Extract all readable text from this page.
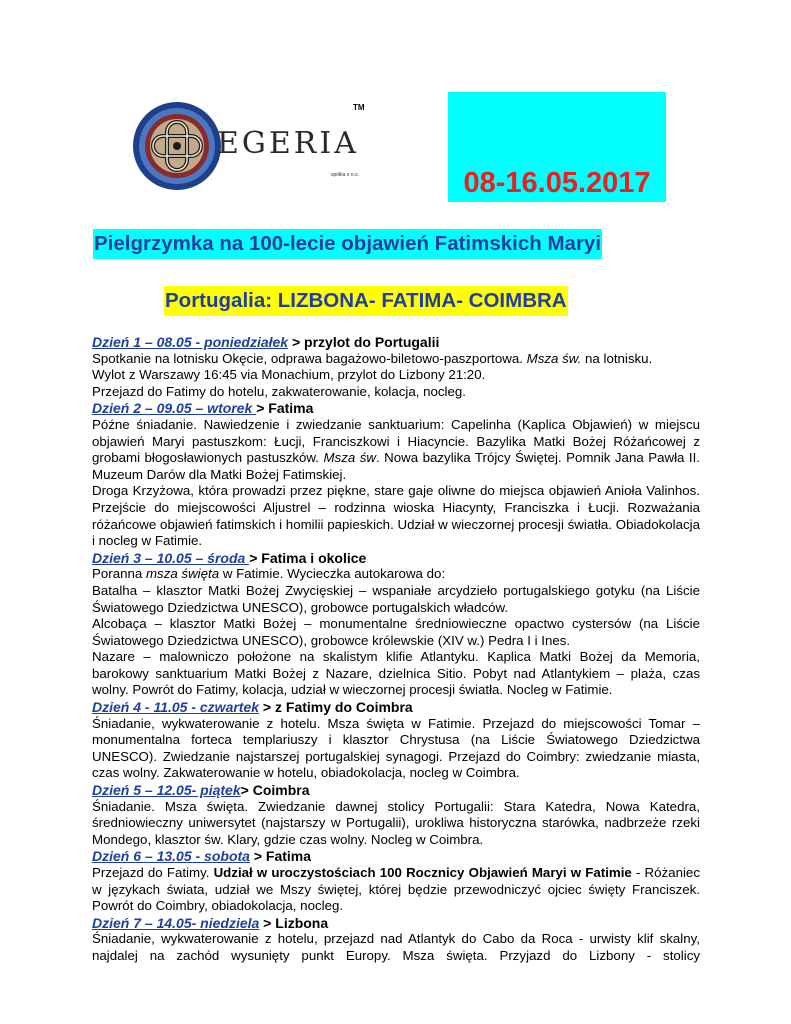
EGERIA
spółka z o.o.
TM
08-16.05.2017
Pielgrzymka na 100-lecie objawień Fatimskich Maryi
Portugalia: LIZBONA- FATIMA- COIMBRA
Dzień 1 – 08.05 - poniedziałek > przylot do Portugalii

Spotkanie na lotnisku Okęcie, odprawa bagażowo-biletowo-paszportowa. Msza św. na lotnisku.

Wylot z Warszawy 16:45 via Monachium, przylot do Lizbony 21:20.

Przejazd do Fatimy do hotelu, zakwaterowanie, kolacja, nocleg.

Dzień 2 – 09.05 – wtorek > Fatima

Późne śniadanie. Nawiedzenie i zwiedzanie sanktuarium: Capelinha (Kaplica Objawień) w miejscu objawień Maryi pastuszkom: Łucji, Franciszkowi i Hiacyncie. Bazylika Matki Bożej Różańcowej z grobami błogosławionych pastuszków. Msza św. Nowa bazylika Trójcy Świętej. Pomnik Jana Pawła II. Muzeum Darów dla Matki Bożej Fatimskiej.

Droga Krzyżowa, która prowadzi przez piękne, stare gaje oliwne do miejsca objawień Anioła Valinhos. Przejście do miejscowości Aljustrel – rodzinna wioska Hiacynty, Franciszka i Łucji. Rozważania różańcowe objawień fatimskich i homilii papieskich. Udział w wieczornej procesji światła. Obiadokolacja i nocleg w Fatimie.

Dzień 3 – 10.05 – środa > Fatima i okolice

Poranna msza święta w Fatimie. Wycieczka autokarowa do:

Batalha – klasztor Matki Bożej Zwycięskiej – wspaniałe arcydzieło portugalskiego gotyku (na Liście Światowego Dziedzictwa UNESCO), grobowce portugalskich władców.

Alcobaça – klasztor Matki Bożej – monumentalne średniowieczne opactwo cystersów (na Liście Światowego Dziedzictwa UNESCO), grobowce królewskie (XIV w.) Pedra I i Ines.

Nazare – malowniczo położone na skalistym klifie Atlantyku. Kaplica Matki Bożej da Memoria, barokowy sanktuarium Matki Bożej z Nazare, dzielnica Sitio. Pobyt nad Atlantykiem – plaża, czas wolny. Powrót do Fatimy, kolacja, udział w wieczornej procesji światła. Nocleg w Fatimie.

Dzień 4 - 11.05 - czwartek > z Fatimy do Coimbra

Śniadanie, wykwaterowanie z hotelu. Msza święta w Fatimie. Przejazd do miejscowości Tomar – monumentalna forteca templariuszy i klasztor Chrystusa (na Liście Światowego Dziedzictwa UNESCO). Zwiedzanie najstarszej portugalskiej synagogi. Przejazd do Coimbry: zwiedzanie miasta, czas wolny. Zakwaterowanie w hotelu, obiadokolacja, nocleg w Coimbra.

Dzień 5 – 12.05- piątek> Coimbra

Śniadanie. Msza święta. Zwiedzanie dawnej stolicy Portugalii: Stara Katedra, Nowa Katedra, średniowieczny uniwersytet (najstarszy w Portugalii), urokliwa historyczna starówka, nadbrzeże rzeki Mondego, klasztor św. Klary, gdzie czas wolny. Nocleg w Coimbra.

Dzień 6 – 13.05 - sobota > Fatima

Przejazd do Fatimy. Udział w uroczystościach 100 Rocznicy Objawień Maryi w Fatimie - Różaniec w językach świata, udział we Mszy świętej, której będzie przewodniczyć ojciec święty Franciszek. Powrót do Coimbry, obiadokolacja, nocleg.

Dzień 7 – 14.05- niedziela > Lizbona

Śniadanie, wykwaterowanie z hotelu, przejazd nad Atlantyk do Cabo da Roca - urwisty klif skalny, najdalej na zachód wysunięty punkt Europy. Msza święta. Przyjazd do Lizbony - stolicy
